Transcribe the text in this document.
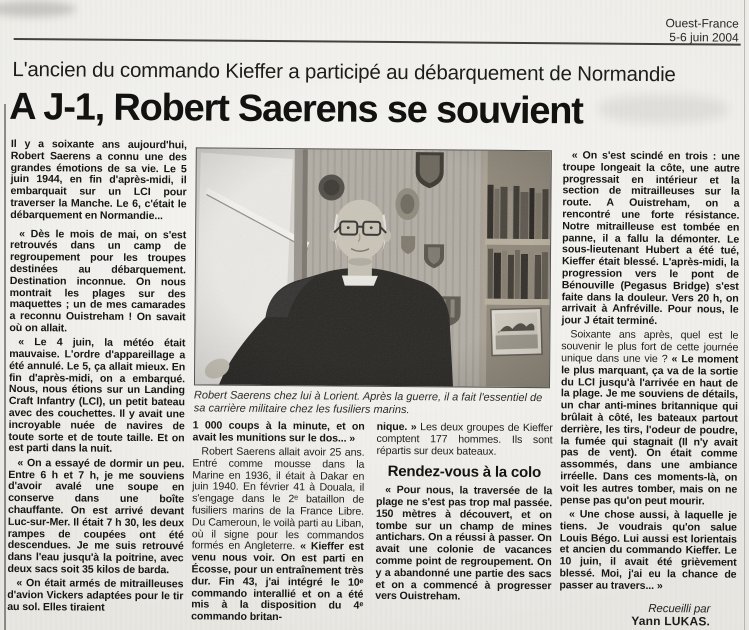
Ouest-France
5-6 juin 2004
L'ancien du commando Kieffer a participé au débarquement de Normandie
A J-1, Robert Saerens se souvient

Il y a soixante ans aujourd'hui, Robert Saerens a connu une des grandes émotions de sa vie. Le 5 juin 1944, en fin d'après-midi, il embarquait sur un LCI pour traverser la Manche. Le 6, c'était le débarquement en Normandie...

« Dès le mois de mai, on s'est retrouvés dans un camp de regroupement pour les troupes destinées au débarquement. Destination inconnue. On nous montrait les plages sur des maquettes ; un de mes camarades a reconnu Ouistreham ! On savait où on allait.

« Le 4 juin, la météo était mauvaise. L'ordre d'appareillage a été annulé. Le 5, ça allait mieux. En fin d'après-midi, on a embarqué. Nous, nous étions sur un Landing Craft Infantry (LCI), un petit bateau avec des couchettes. Il y avait une incroyable nuée de navires de toute sorte et de toute taille. Et on est parti dans la nuit.

« On a essayé de dormir un peu. Entre 6 h et 7 h, je me souviens d'avoir avalé une soupe en conserve dans une boîte chauffante. On est arrivé devant Luc-sur-Mer. Il était 7 h 30, les deux rampes de coupées ont été descendues. Je me suis retrouvé dans l'eau jusqu'à la poitrine, avec deux sacs soit 35 kilos de barda.

« On était armés de mitrailleuses d'avion Vickers adaptées pour le tir au sol. Elles tiraient

Robert Saerens chez lui à Lorient. Après la guerre, il a fait l'essentiel de sa carrière militaire chez les fusiliers marins.

1 000 coups à la minute, et on avait les munitions sur le dos... »

Robert Saerens allait avoir 25 ans. Entré comme mousse dans la Marine en 1936, il était à Dakar en juin 1940. En février 41 à Douala, il s'engage dans le 2ᵉ bataillon de fusiliers marins de la France Libre. Du Cameroun, le voilà parti au Liban, où il signe pour les commandos formés en Angleterre. « Kieffer est venu nous voir. On est parti en Écosse, pour un entraînement très dur. Fin 43, j'ai intégré le 10ᵉ commando interallié et on a été mis à la disposition du 4ᵉ commando britan-

nique. » Les deux groupes de Kieffer comptent 177 hommes. Ils sont répartis sur deux bateaux.

Rendez-vous à la colo

« Pour nous, la traversée de la plage ne s'est pas trop mal passée. 150 mètres à découvert, et on tombe sur un champ de mines antichars. On a réussi à passer. On avait une colonie de vacances comme point de regroupement. On y a abandonné une partie des sacs et on a commencé à progresser vers Ouistreham.

« On s'est scindé en trois : une troupe longeait la côte, une autre progressait en intérieur et la section de mitrailleuses sur la route. A Ouistreham, on a rencontré une forte résistance. Notre mitrailleuse est tombée en panne, il a fallu la démonter. Le sous-lieutenant Hubert a été tué, Kieffer était blessé. L'après-midi, la progression vers le pont de Bénouville (Pegasus Bridge) s'est faite dans la douleur. Vers 20 h, on arrivait à Anfréville. Pour nous, le jour J était terminé.

Soixante ans après, quel est le souvenir le plus fort de cette journée unique dans une vie ? « Le moment le plus marquant, ça va de la sortie du LCI jusqu'à l'arrivée en haut de la plage. Je me souviens de détails, un char anti-mines britannique qui brûlait à côté, les bateaux partout derrière, les tirs, l'odeur de poudre, la fumée qui stagnait (Il n'y avait pas de vent). On était comme assommés, dans une ambiance irréelle. Dans ces moments-là, on voit les autres tomber, mais on ne pense pas qu'on peut mourir.

« Une chose aussi, à laquelle je tiens. Je voudrais qu'on salue Louis Bégo. Lui aussi est lorientais et ancien du commando Kieffer. Le 10 juin, il avait été grièvement blessé. Moi, j'ai eu la chance de passer au travers... »

Recueilli par
Yann LUKAS.
